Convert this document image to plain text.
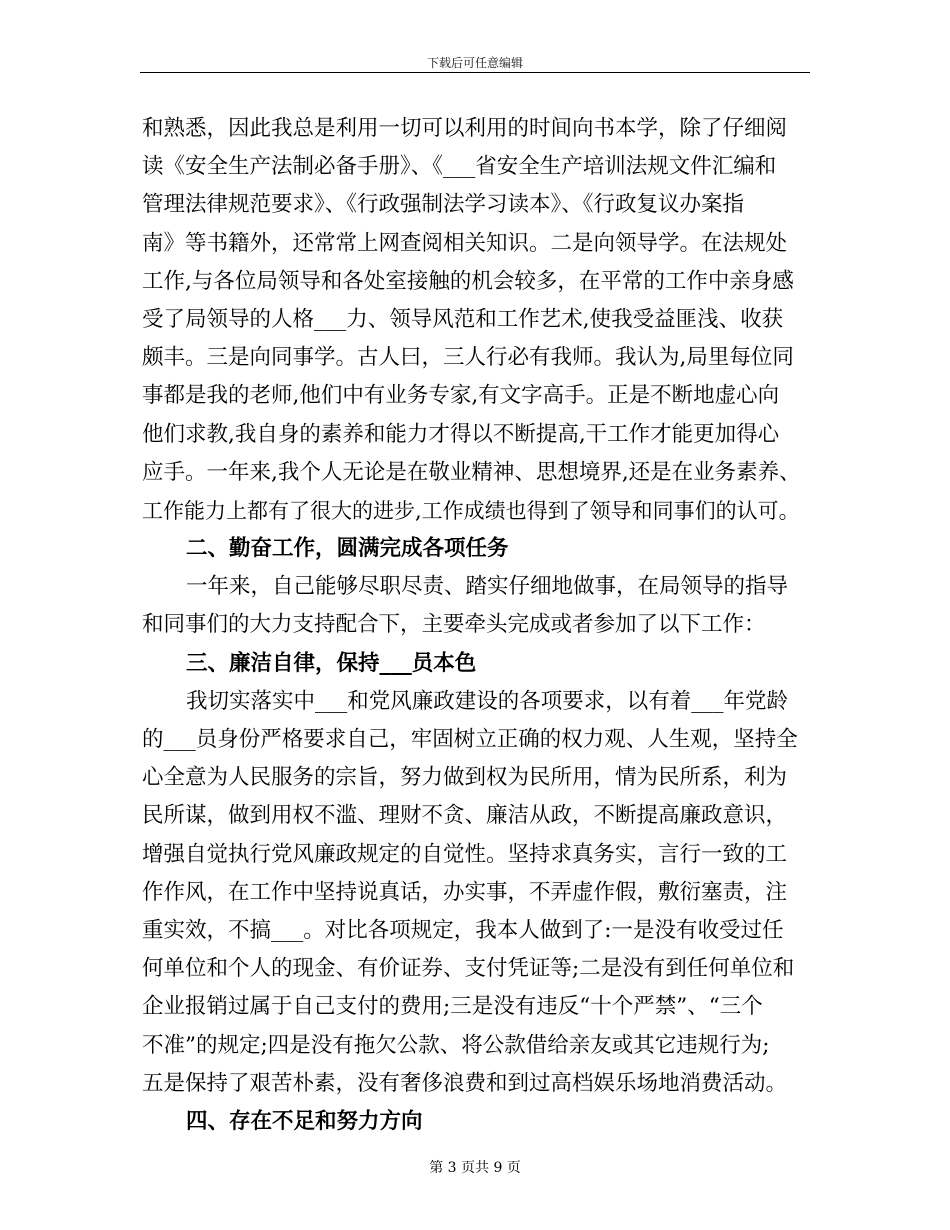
下载后可任意编辑
和熟悉，因此我总是利用一切可以利用的时间向书本学，除了仔细阅
读《安全生产法制必备手册》、《___省安全生产培训法规文件汇编和
管理法律规范要求》、《行政强制法学习读本》、《行政复议办案指
南》等书籍外，还常常上网查阅相关知识。二是向领导学。在法规处
工作,与各位局领导和各处室接触的机会较多，在平常的工作中亲身感
受了局领导的人格___力、领导风范和工作艺术,使我受益匪浅、收获
颇丰。三是向同事学。古人曰，三人行必有我师。我认为,局里每位同
事都是我的老师,他们中有业务专家,有文字高手。正是不断地虚心向
他们求教,我自身的素养和能力才得以不断提高,干工作才能更加得心
应手。一年来,我个人无论是在敬业精神、思想境界,还是在业务素养、
工作能力上都有了很大的进步,工作成绩也得到了领导和同事们的认可。
二、勤奋工作，圆满完成各项任务
一年来，自己能够尽职尽责、踏实仔细地做事，在局领导的指导
和同事们的大力支持配合下，主要牵头完成或者参加了以下工作：
三、廉洁自律，保持___员本色
我切实落实中___和党风廉政建设的各项要求，以有着___年党龄
的___员身份严格要求自己，牢固树立正确的权力观、人生观，坚持全
心全意为人民服务的宗旨，努力做到权为民所用，情为民所系，利为
民所谋，做到用权不滥、理财不贪、廉洁从政，不断提高廉政意识，
增强自觉执行党风廉政规定的自觉性。坚持求真务实，言行一致的工
作作风，在工作中坚持说真话，办实事，不弄虚作假，敷衍塞责，注
重实效，不搞___。对比各项规定，我本人做到了:一是没有收受过任
何单位和个人的现金、有价证券、支付凭证等;二是没有到任何单位和
企业报销过属于自己支付的费用;三是没有违反“十个严禁”、“三个
不准”的规定;四是没有拖欠公款、将公款借给亲友或其它违规行为;
五是保持了艰苦朴素，没有奢侈浪费和到过高档娱乐场地消费活动。
四、存在不足和努力方向
第 3 页共 9 页
